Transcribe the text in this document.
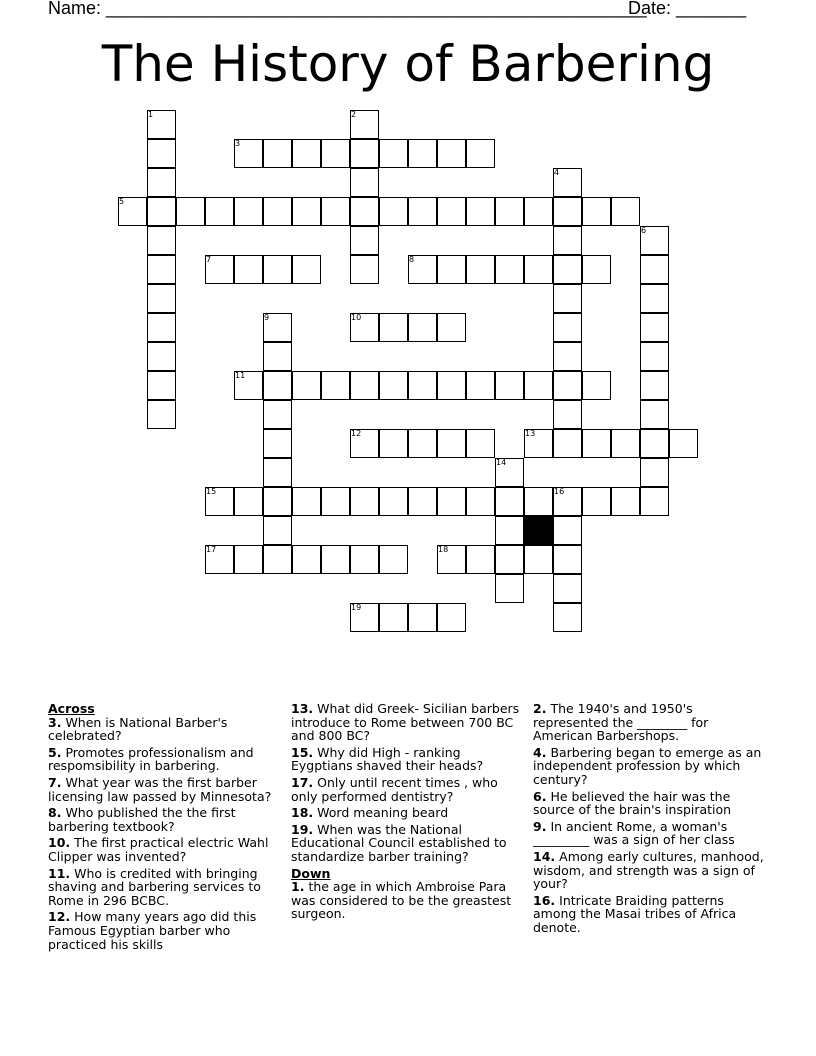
Name: ______________________________________________________
Date: _______
The History of Barbering
1	2
3
4
5
6
7	8
9	10
11
12	13
14
15	16
17	18
19
Across
3. When is National Barber's celebrated?
5. Promotes professionalism and respomsibility in barbering.
7. What year was the first barber licensing law passed by Minnesota?
8. Who published the the first barbering textbook?
10. The first practical electric Wahl Clipper was invented?
11. Who is credited with bringing shaving and barbering services to Rome in 296 BCBC.
12. How many years ago did this Famous Egyptian barber who practiced his skills
13. What did Greek- Sicilian barbers introduce to Rome between 700 BC and 800 BC?
15. Why did High - ranking Eygptians shaved their heads?
17. Only until recent times , who only performed dentistry?
18. Word meaning beard
19. When was the National Educational Council established to standardize barber training?
Down
1. the age in which Ambroise Para was considered to be the greastest surgeon.
2. The 1940's and 1950's represented the ________ for American Barbershops.
4. Barbering began to emerge as an independent profession by which century?
6. He believed the hair was the source of the brain's inspiration
9. In ancient Rome, a woman's _________ was a sign of her class
14. Among early cultures, manhood, wisdom, and strength was a sign of your?
16. Intricate Braiding patterns among the Masai tribes of Africa denote.
